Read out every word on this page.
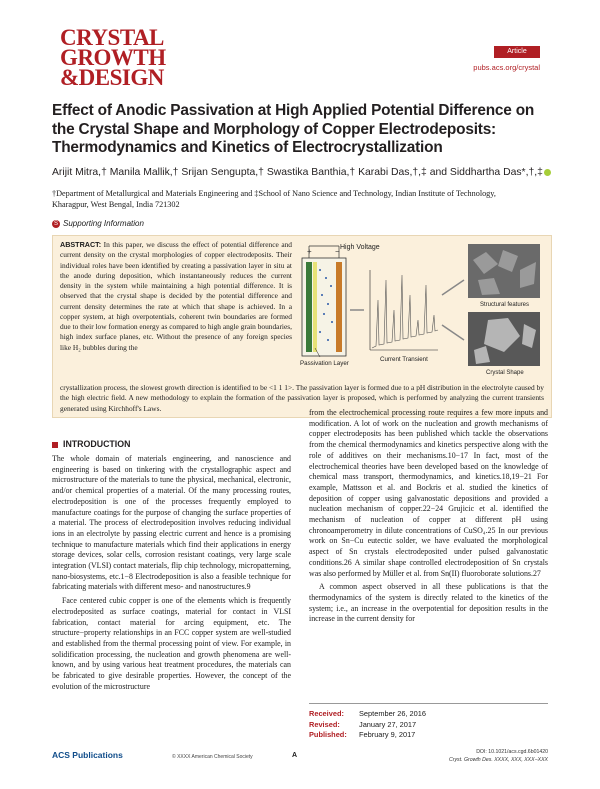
CRYSTAL
GROWTH
&DESIGN
Article
pubs.acs.org/crystal
Effect of Anodic Passivation at High Applied Potential Difference on the Crystal Shape and Morphology of Copper Electrodeposits: Thermodynamics and Kinetics of Electrocrystallization
Arijit Mitra,† Manila Mallik,† Srijan Sengupta,† Swastika Banthia,† Karabi Das,†,‡ and Siddhartha Das*,†,‡
†Department of Metallurgical and Materials Engineering and ‡School of Nano Science and Technology, Indian Institute of Technology, Kharagpur, West Bengal, India 721302
S Supporting Information
ABSTRACT: In this paper, we discuss the effect of potential difference and current density on the crystal morphologies of copper electrodeposits. Their individual roles have been identified by creating a passivation layer in situ at the anode during deposition, which instantaneously reduces the current density in the system while maintaining a high potential difference. It is observed that the crystal shape is decided by the potential difference and current density determines the rate at which that shape is achieved. In a copper system, at high overpotentials, coherent twin boundaries are formed due to their low formation energy as compared to high angle grain boundaries, high index surface planes, etc. Without the presence of any foreign species like H₂ bubbles during the
crystallization process, the slowest growth direction is identified to be <1 1 1>. The passivation layer is formed due to a pH distribution in the electrolyte caused by the high electric field. A new methodology to explain the formation of the passivation layer is proposed, which is performed by analyzing the current transients generated using Kirchhoff's Laws.
+	− High Voltage
Passivation Layer
Current Transient
Structural features
Crystal Shape
INTRODUCTION

The whole domain of materials engineering, and nanoscience and engineering is based on tinkering with the crystallographic aspect and microstructure of the materials to tune the physical, mechanical, electronic, and/or chemical properties of a material. Of the many processing routes, electrodeposition is one of the processes frequently employed to manufacture coatings for the purpose of changing the surface properties of a material. The process of electrodeposition involves reducing individual ions in an electrolyte by passing electric current and hence is a promising technique to manufacture materials which find their applications in energy storage devices, solar cells, corrosion resistant coatings, very large scale integration (VLSI) contact materials, flip chip technology, micropatterning, nano-biosystems, etc.1−8 Electrodeposition is also a feasible technique for fabricating materials with different meso- and nanostructures.9

Face centered cubic copper is one of the elements which is frequently electrodeposited as surface coatings, material for contact in VLSI fabrication, contact material for arcing equipment, etc. The structure−property relationships in an FCC copper system are well-studied and established from the thermal processing point of view. For example, in solidification processing, the nucleation and growth phenomena are well-known, and by using various heat treatment procedures, the materials can be fabricated to give desirable properties. However, the concept of the evolution of the microstructure

from the electrochemical processing route requires a few more inputs and modification. A lot of work on the nucleation and growth mechanisms of copper electrodeposits has been published which tackle the observations from the chemical thermodynamics and kinetics perspective along with the role of additives on their mechanisms.10−17 In fact, most of the electrochemical theories have been developed based on the knowledge of chemical mass transport, thermodynamics, and kinetics.18,19−21 For example, Mattsson et al. and Bockris et al. studied the kinetics of deposition of copper using galvanostatic depositions and provided a nucleation mechanism of copper.22−24 Grujicic et al. identified the mechanism of nucleation of copper at different pH using chronoamperometry in dilute concentrations of CuSO₄.25 In our previous work on Sn−Cu eutectic solder, we have evaluated the morphological aspect of Sn crystals electrodeposited under pulsed galvanostatic conditions.26 A similar shape controlled electrodeposition of Sn crystals was also performed by Müller et al. from Sn(II) fluoroborate solutions.27

A common aspect observed in all these publications is that the thermodynamics of the system is directly related to the kinetics of the system; i.e., an increase in the overpotential for deposition results in the increase in the current density for

Received: September 26, 2016
Revised:	January 27, 2017
Published: February 9, 2017
ACS Publications	© XXXX American Chemical Society	A	DOI: 10.1021/acs.cgd.6b01420
Cryst. Growth Des. XXXX, XXX, XXX−XXX
